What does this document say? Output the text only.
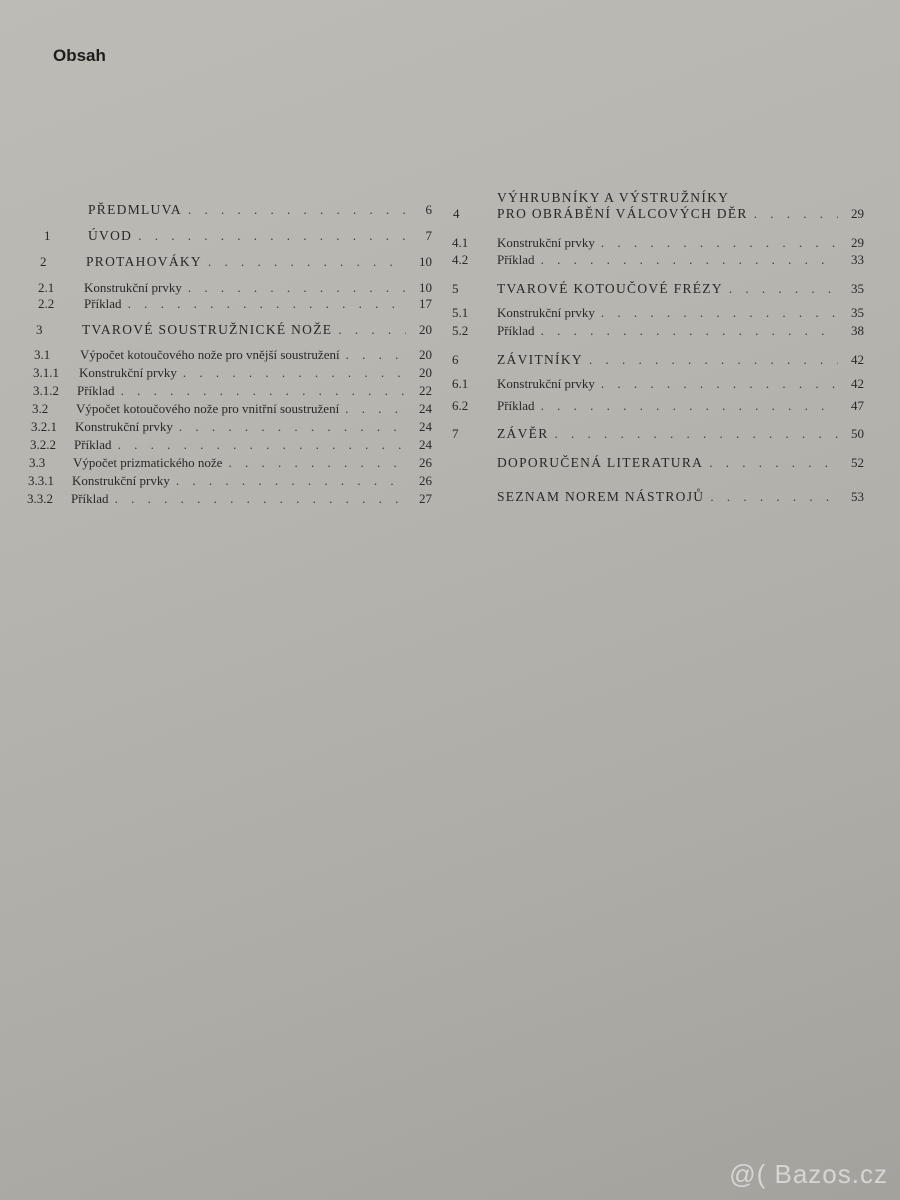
Obsah
PŘEDMLUVA . . .	6
1	ÚVOD . . .	7
2	PROTAHOVÁKY . . .	10
2.1 Konstrukční prvky . . .	10
2.2 Příklad . . .	17
3	TVAROVÉ SOUSTRUŽNICKÉ NOŽE . . .	20
3.1 Výpočet kotoučového nože pro vnější soustružení . . .	20
3.1.1 Konstrukční prvky . . .	20
3.1.2 Příklad . . .	22
3.2 Výpočet kotoučového nože pro vnitřní soustružení . . .	24
3.2.1 Konstrukční prvky . . .	24
3.2.2 Příklad . . .	24
3.3 Výpočet prizmatického nože . . .	26
3.3.1 Konstrukční prvky . . .	26
3.3.2 Příklad . . .	27
4
VÝHRUBNÍKY A VÝSTRUŽNÍKY
PRO OBRÁBĚNÍ VÁLCOVÝCH DĚR . . .	29
4.1 Konstrukční prvky . . .	29
4.2 Příklad . . .	33
5	TVAROVÉ KOTOUČOVÉ FRÉZY . . .	35
5.1 Konstrukční prvky . . .	35
5.2 Příklad . . .	38
6	ZÁVITNÍKY . . .	42
6.1 Konstrukční prvky . . .	42
6.2 Příklad . . .	47
7	ZÁVĚR . . .	50
DOPORUČENÁ LITERATURA . . .	52
SEZNAM NOREM NÁSTROJŮ . . .	53
@( Bazos.cz
